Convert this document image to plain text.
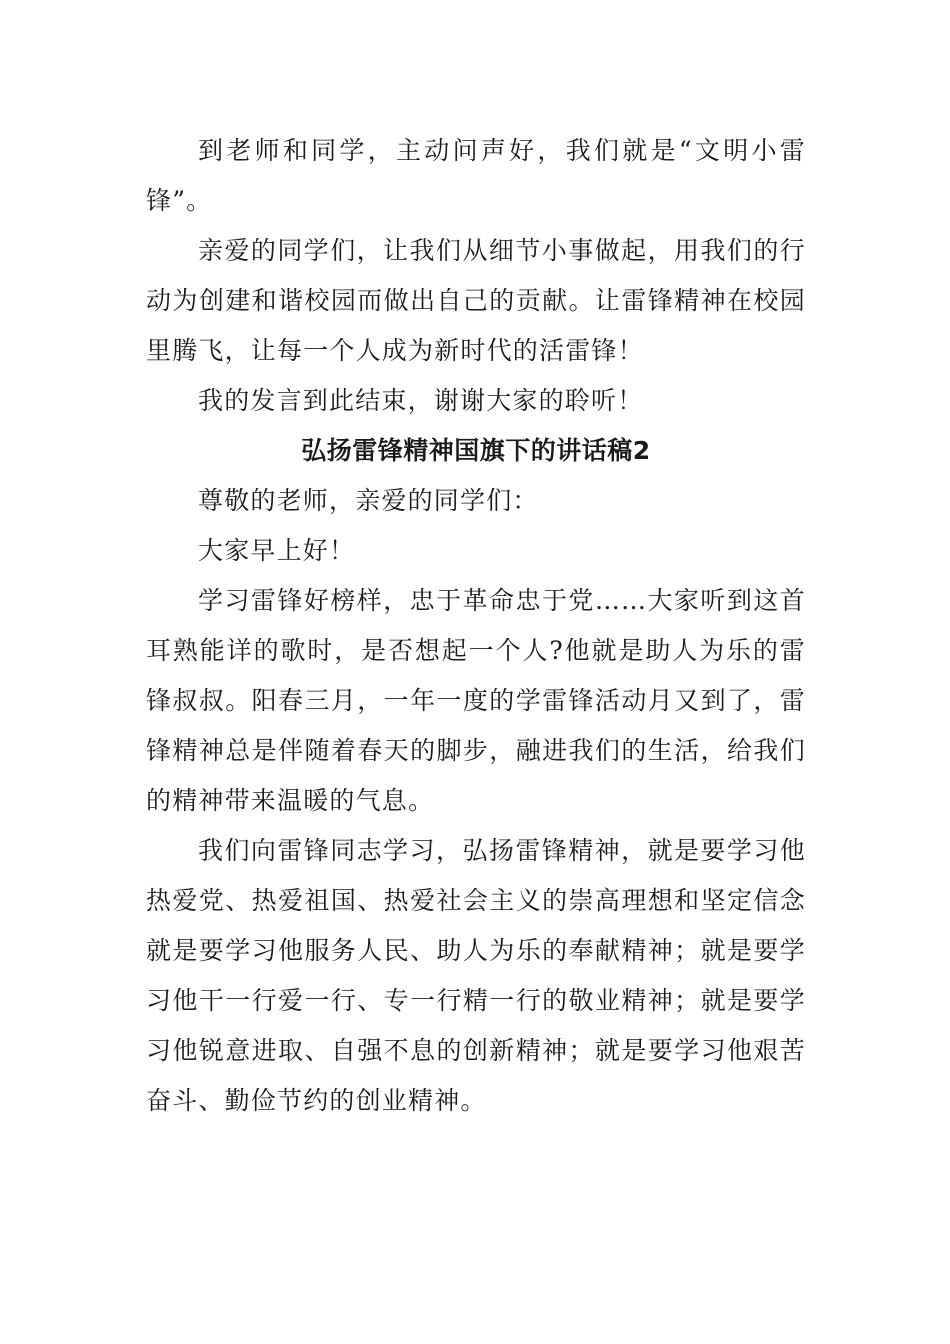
到老师和同学，主动问声好，我们就是“文明小雷锋”。

亲爱的同学们，让我们从细节小事做起，用我们的行动为创建和谐校园而做出自己的贡献。让雷锋精神在校园里腾飞，让每一个人成为新时代的活雷锋！

我的发言到此结束，谢谢大家的聆听！

弘扬雷锋精神国旗下的讲话稿2

尊敬的老师，亲爱的同学们：

大家早上好！

学习雷锋好榜样，忠于革命忠于党……大家听到这首耳熟能详的歌时，是否想起一个人?他就是助人为乐的雷锋叔叔。阳春三月，一年一度的学雷锋活动月又到了，雷锋精神总是伴随着春天的脚步，融进我们的生活，给我们的精神带来温暖的气息。

我们向雷锋同志学习，弘扬雷锋精神，就是要学习他热爱党、热爱祖国、热爱社会主义的崇高理想和坚定信念就是要学习他服务人民、助人为乐的奉献精神；就是要学习他干一行爱一行、专一行精一行的敬业精神；就是要学习他锐意进取、自强不息的创新精神；就是要学习他艰苦奋斗、勤俭节约的创业精神。
